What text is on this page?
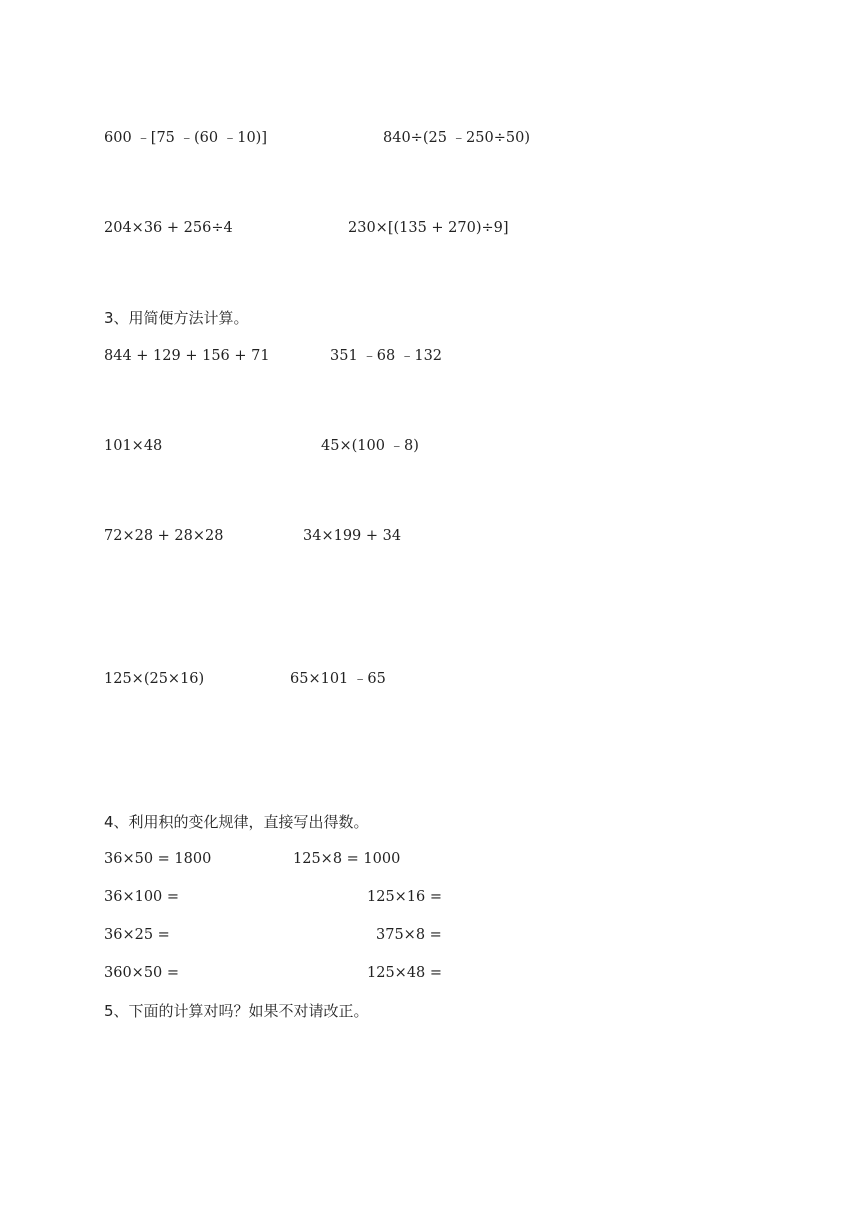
600 ﹣[75 ﹣(60 ﹣10)]	840÷(25 ﹣250÷50)
204×36 + 256÷4	230×[(135 + 270)÷9]
3、用简便方法计算。
844 + 129 + 156 + 71	351 ﹣68 ﹣132
101×48	45×(100 ﹣8)
72×28 + 28×28	34×199 + 34
125×(25×16)	65×101 ﹣65
4、利用积的变化规律，直接写出得数。
36×50 = 1800	125×8 = 1000
36×100 =	125×16 =
36×25 =	375×8 =
360×50 =	125×48 =
5、下面的计算对吗？如果不对请改正。
